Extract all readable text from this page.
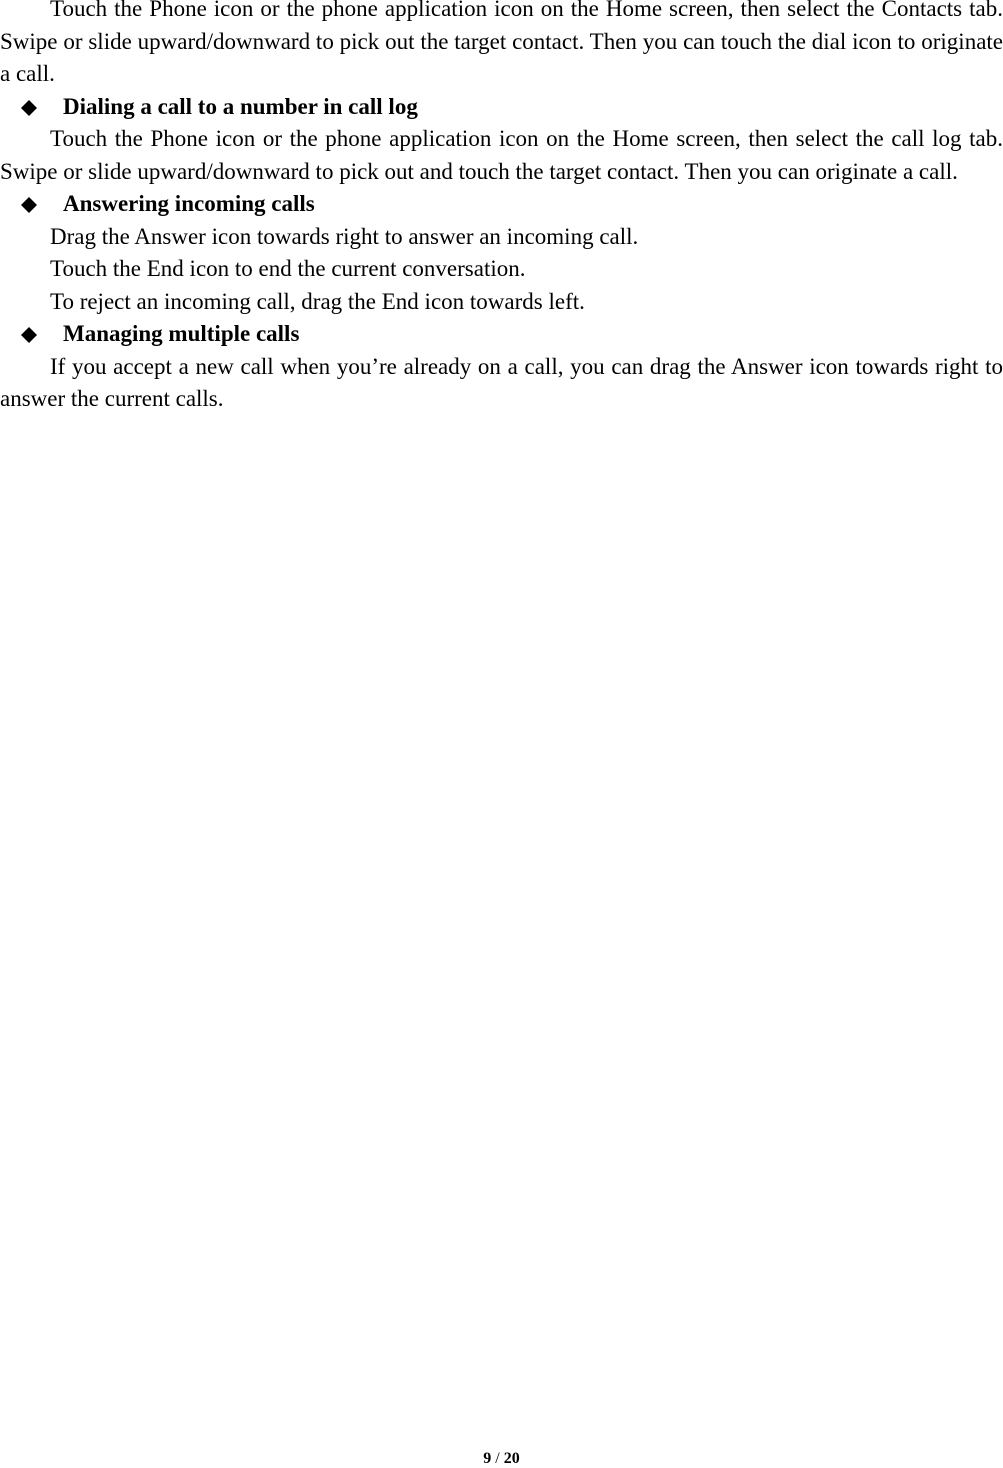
Touch the Phone icon or the phone application icon on the Home screen, then select the Contacts tab. Swipe or slide upward/downward to pick out the target contact. Then you can touch the dial icon to originate a call.

Dialing a call to a number in call log

Touch the Phone icon or the phone application icon on the Home screen, then select the call log tab. Swipe or slide upward/downward to pick out and touch the target contact. Then you can originate a call.

Answering incoming calls

Drag the Answer icon towards right to answer an incoming call.

Touch the End icon to end the current conversation.

To reject an incoming call, drag the End icon towards left.

Managing multiple calls

If you accept a new call when you’re already on a call, you can drag the Answer icon towards right to answer the current calls.

9 / 20
